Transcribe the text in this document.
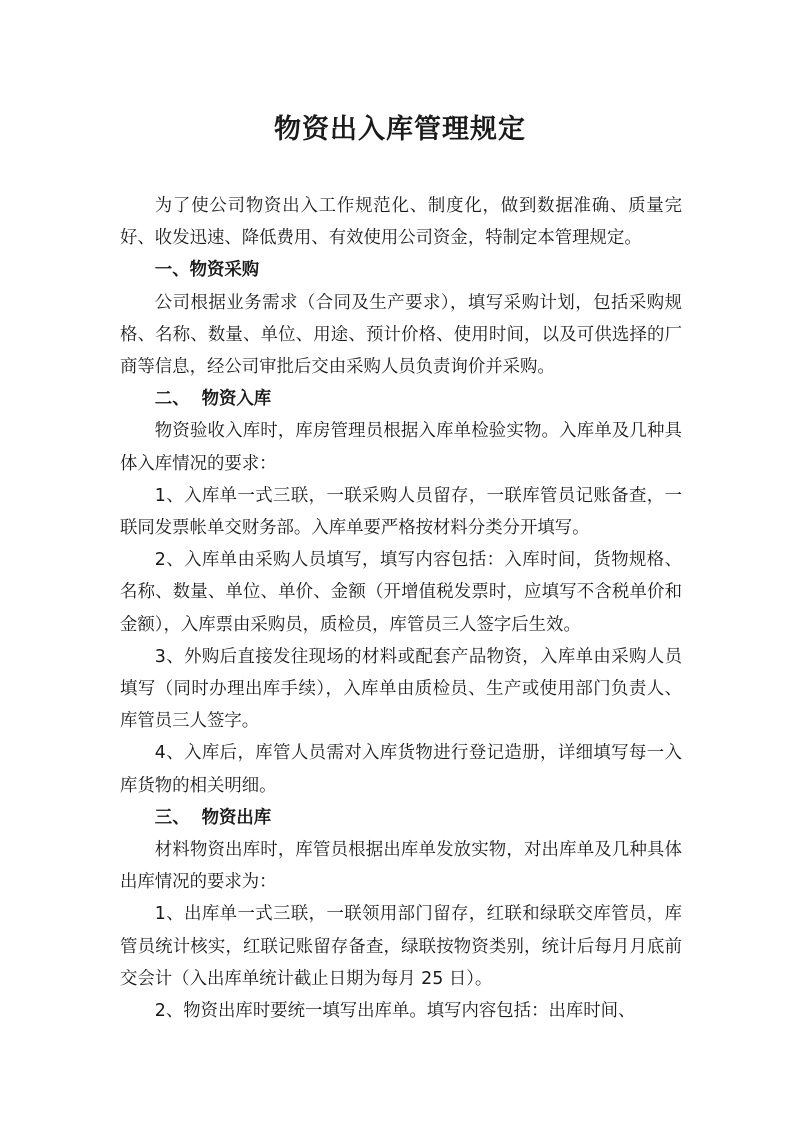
物资出入库管理规定

为了使公司物资出入工作规范化、制度化，做到数据准确、质量完好、收发迅速、降低费用、有效使用公司资金，特制定本管理规定。

一、物资采购

公司根据业务需求（合同及生产要求），填写采购计划，包括采购规格、名称、数量、单位、用途、预计价格、使用时间，以及可供选择的厂商等信息，经公司审批后交由采购人员负责询价并采购。

二、 物资入库

物资验收入库时，库房管理员根据入库单检验实物。入库单及几种具体入库情况的要求：

1、入库单一式三联，一联采购人员留存，一联库管员记账备查，一联同发票帐单交财务部。入库单要严格按材料分类分开填写。

2、入库单由采购人员填写，填写内容包括：入库时间，货物规格、名称、数量、单位、单价、金额（开增值税发票时，应填写不含税单价和金额），入库票由采购员，质检员，库管员三人签字后生效。

3、外购后直接发往现场的材料或配套产品物资，入库单由采购人员填写（同时办理出库手续），入库单由质检员、生产或使用部门负责人、库管员三人签字。

4、入库后，库管人员需对入库货物进行登记造册，详细填写每一入库货物的相关明细。

三、 物资出库

材料物资出库时，库管员根据出库单发放实物，对出库单及几种具体出库情况的要求为：

1、出库单一式三联，一联领用部门留存，红联和绿联交库管员，库管员统计核实，红联记账留存备查，绿联按物资类别，统计后每月月底前交会计（入出库单统计截止日期为每月 25 日）。

2、物资出库时要统一填写出库单。填写内容包括：出库时间、
